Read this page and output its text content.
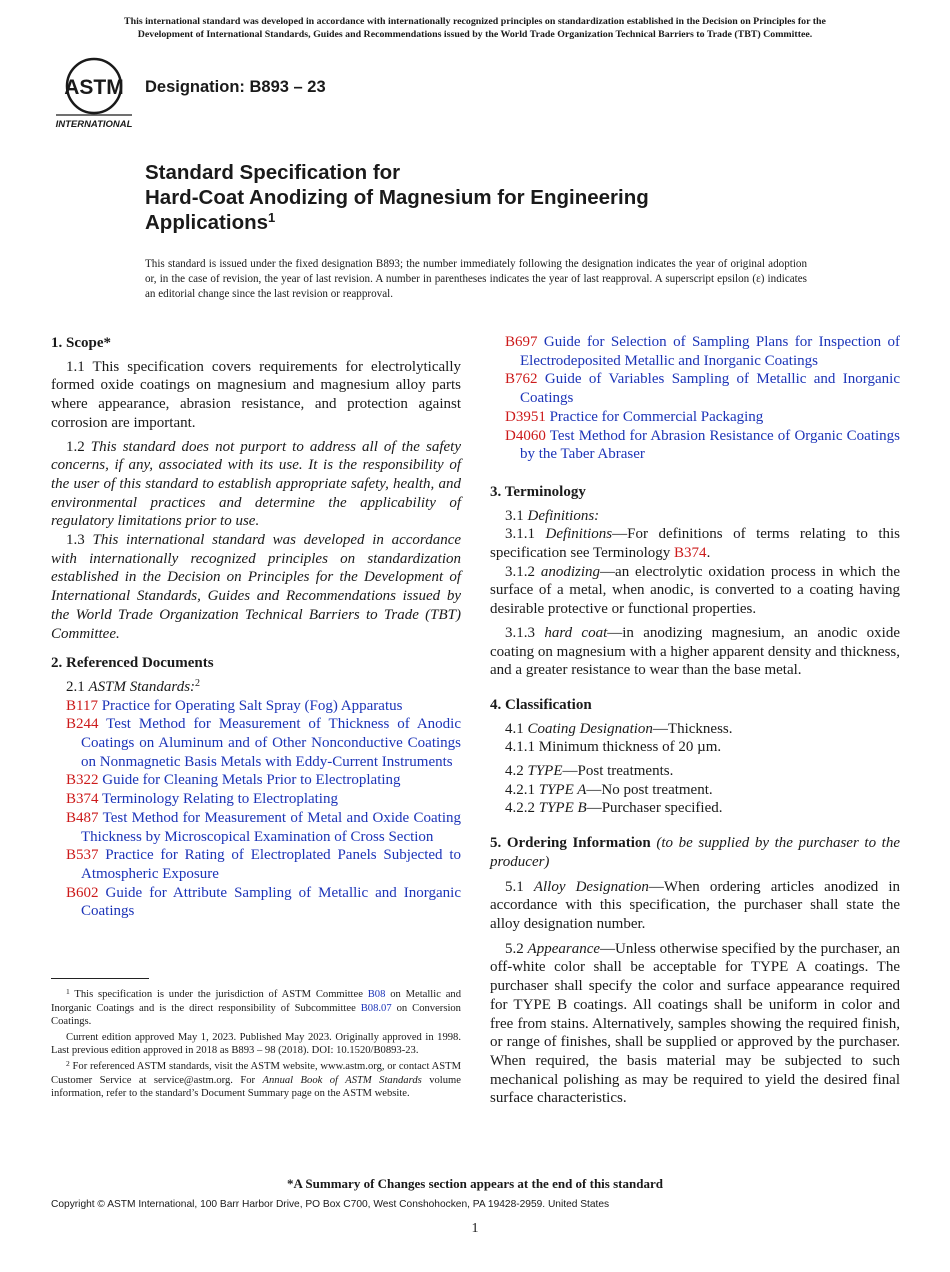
This international standard was developed in accordance with internationally recognized principles on standardization established in the Decision on Principles for the
Development of International Standards, Guides and Recommendations issued by the World Trade Organization Technical Barriers to Trade (TBT) Committee.
ASTM
INTERNATIONAL
Designation: B893 – 23
Standard Specification for
Hard-Coat Anodizing of Magnesium for Engineering
Applications$^1$
This standard is issued under the fixed designation B893; the number immediately following the designation indicates the year of original adoption or, in the case of revision, the year of last revision. A number in parentheses indicates the year of last reapproval. A superscript epsilon (ε) indicates an editorial change since the last revision or reapproval.

1. Scope*

1.1 This specification covers requirements for electrolytically formed oxide coatings on magnesium and magnesium alloy parts where appearance, abrasion resistance, and protection against corrosion are important.

1.2 This standard does not purport to address all of the safety concerns, if any, associated with its use. It is the responsibility of the user of this standard to establish appropriate safety, health, and environmental practices and determine the applicability of regulatory limitations prior to use.

1.3 This international standard was developed in accordance with internationally recognized principles on standardization established in the Decision on Principles for the Development of International Standards, Guides and Recommendations issued by the World Trade Organization Technical Barriers to Trade (TBT) Committee.

2. Referenced Documents

2.1 ASTM Standards:$^2$

B117 Practice for Operating Salt Spray (Fog) Apparatus

B244 Test Method for Measurement of Thickness of Anodic Coatings on Aluminum and of Other Nonconductive Coatings on Nonmagnetic Basis Metals with Eddy-Current Instruments

B322 Guide for Cleaning Metals Prior to Electroplating

B374 Terminology Relating to Electroplating

B487 Test Method for Measurement of Metal and Oxide Coating Thickness by Microscopical Examination of Cross Section

B537 Practice for Rating of Electroplated Panels Subjected to Atmospheric Exposure

B602 Guide for Attribute Sampling of Metallic and Inorganic Coatings

$^1$ This specification is under the jurisdiction of ASTM Committee B08 on Metallic and Inorganic Coatings and is the direct responsibility of Subcommittee B08.07 on Conversion Coatings.

Current edition approved May 1, 2023. Published May 2023. Originally approved in 1998. Last previous edition approved in 2018 as B893 – 98 (2018). DOI: 10.1520/B0893-23.

$^2$ For referenced ASTM standards, visit the ASTM website, www.astm.org, or contact ASTM Customer Service at service@astm.org. For Annual Book of ASTM Standards volume information, refer to the standard’s Document Summary page on the ASTM website.

B697 Guide for Selection of Sampling Plans for Inspection of Electrodeposited Metallic and Inorganic Coatings

B762 Guide of Variables Sampling of Metallic and Inorganic Coatings

D3951 Practice for Commercial Packaging

D4060 Test Method for Abrasion Resistance of Organic Coatings by the Taber Abraser

3. Terminology

3.1 Definitions:

3.1.1 Definitions—For definitions of terms relating to this specification see Terminology B374.

3.1.2 anodizing—an electrolytic oxidation process in which the surface of a metal, when anodic, is converted to a coating having desirable protective or functional properties.

3.1.3 hard coat—in anodizing magnesium, an anodic oxide coating on magnesium with a higher apparent density and thickness, and a greater resistance to wear than the base metal.

4. Classification

4.1 Coating Designation—Thickness.

4.1.1 Minimum thickness of 20 µm.

4.2 TYPE—Post treatments.

4.2.1 TYPE A—No post treatment.

4.2.2 TYPE B—Purchaser specified.

5. Ordering Information (to be supplied by the purchaser to the producer)

5.1 Alloy Designation—When ordering articles anodized in accordance with this specification, the purchaser shall state the alloy designation number.

5.2 Appearance—Unless otherwise specified by the purchaser, an off-white color shall be acceptable for TYPE A coatings. The purchaser shall specify the color and surface appearance required for TYPE B coatings. All coatings shall be uniform in color and free from stains. Alternatively, samples showing the required finish, or range of finishes, shall be supplied or approved by the purchaser. When required, the basis material may be subjected to such mechanical polishing as may be required to yield the desired final surface characteristics.

*A Summary of Changes section appears at the end of this standard
Copyright © ASTM International, 100 Barr Harbor Drive, PO Box C700, West Conshohocken, PA 19428-2959. United States
1
